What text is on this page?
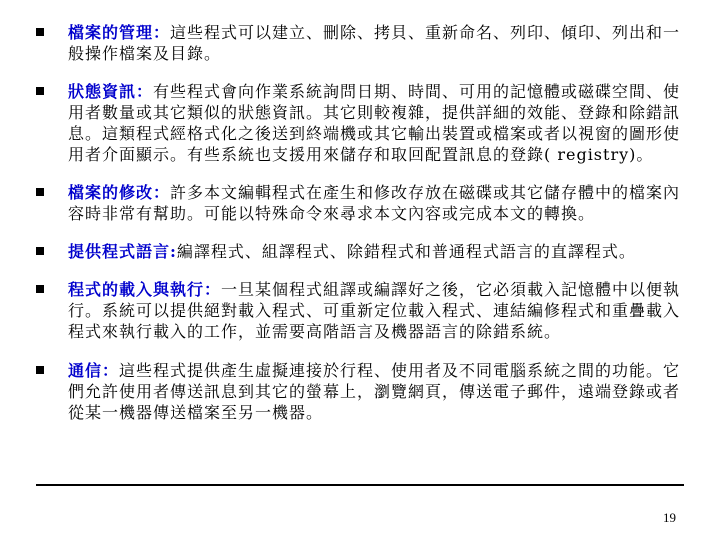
檔案的管理：這些程式可以建立、刪除、拷貝、重新命名、列印、傾印、列出和一般操作檔案及目錄。
狀態資訊：有些程式會向作業系統詢問日期、時間、可用的記憶體或磁碟空間、使用者數量或其它類似的狀態資訊。其它則較複雜，提供詳細的效能、登錄和除錯訊息。這類程式經格式化之後送到終端機或其它輸出裝置或檔案或者以視窗的圖形使用者介面顯示。有些系統也支援用來儲存和取回配置訊息的登錄( registry)。
檔案的修改：許多本文編輯程式在產生和修改存放在磁碟或其它儲存體中的檔案內容時非常有幫助。可能以特殊命令來尋求本文內容或完成本文的轉換。
提供程式語言:編譯程式、組譯程式、除錯程式和普通程式語言的直譯程式。
程式的載入與執行：一旦某個程式組譯或編譯好之後，它必須載入記憶體中以便執行。系統可以提供絕對載入程式、可重新定位載入程式、連結編修程式和重疊載入程式來執行載入的工作，並需要高階語言及機器語言的除錯系統。
通信：這些程式提供產生虛擬連接於行程、使用者及不同電腦系統之間的功能。它們允許使用者傳送訊息到其它的螢幕上，瀏覽網頁，傳送電子郵件，遠端登錄或者從某一機器傳送檔案至另一機器。
19
